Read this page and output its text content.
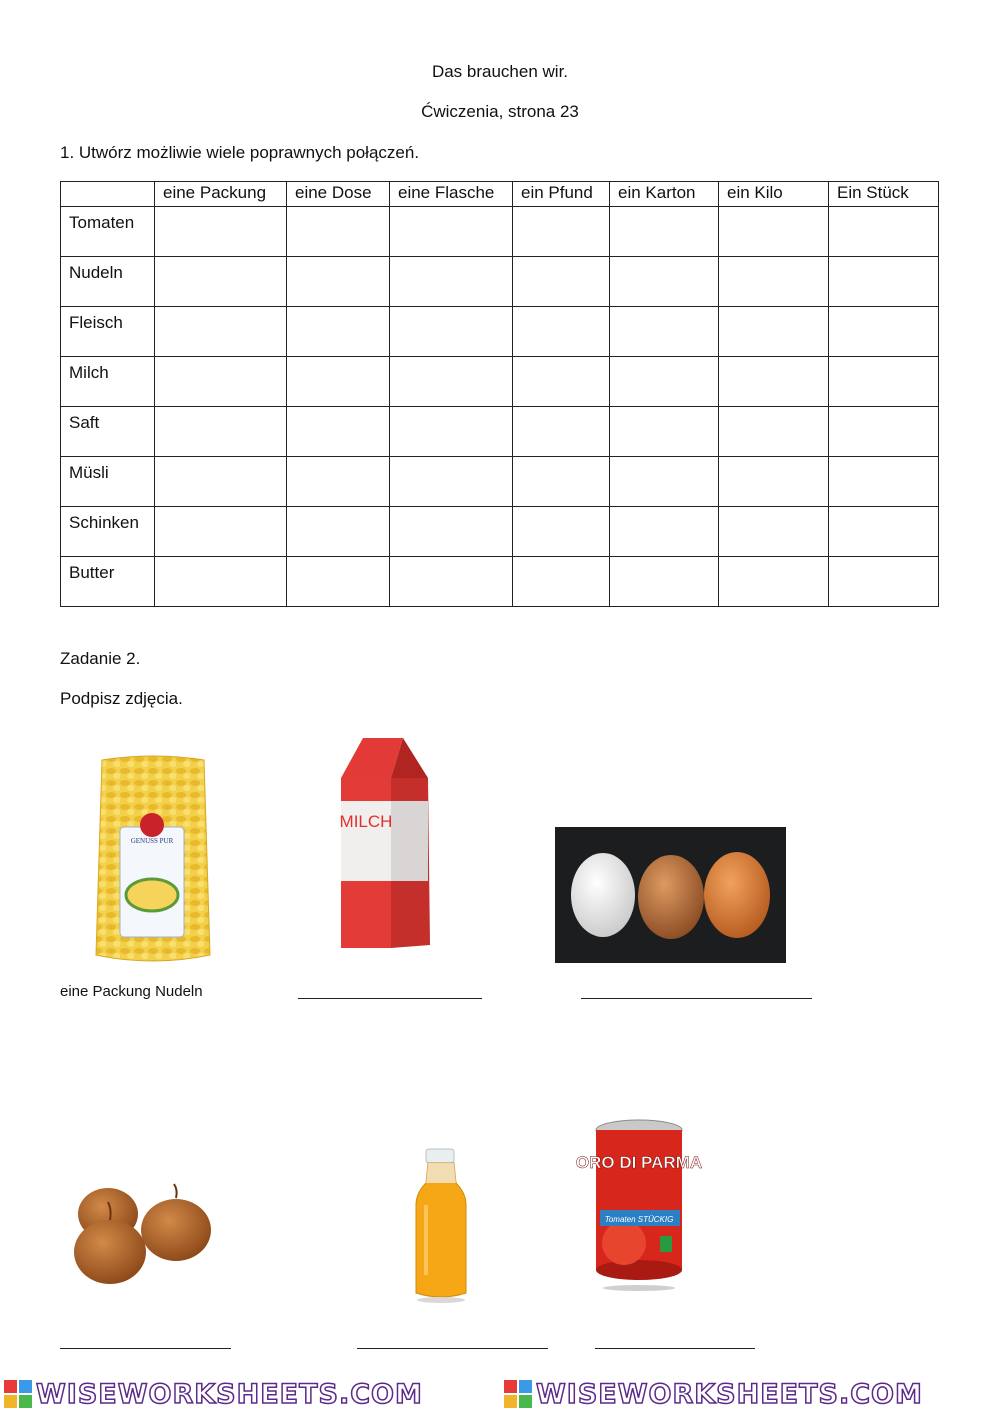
Das brauchen wir.
Ćwiczenia, strona 23
1. Utwórz możliwie wiele poprawnych połączeń.
	eine Packung	eine Dose	eine Flasche	ein Pfund	ein Karton	ein Kilo	Ein Stück
Tomaten							
Nudeln							
Fleisch							
Milch							
Saft							
Müsli							
Schinken							
Butter							
Zadanie 2.
Podpisz zdjęcia.
GENUSS PUR
MILCH
eine Packung Nudeln
ORO DI PARMA
Tomaten STÜCKIG
WISEWORKSHEETS.COM	WISEWORKSHEETS.COM
